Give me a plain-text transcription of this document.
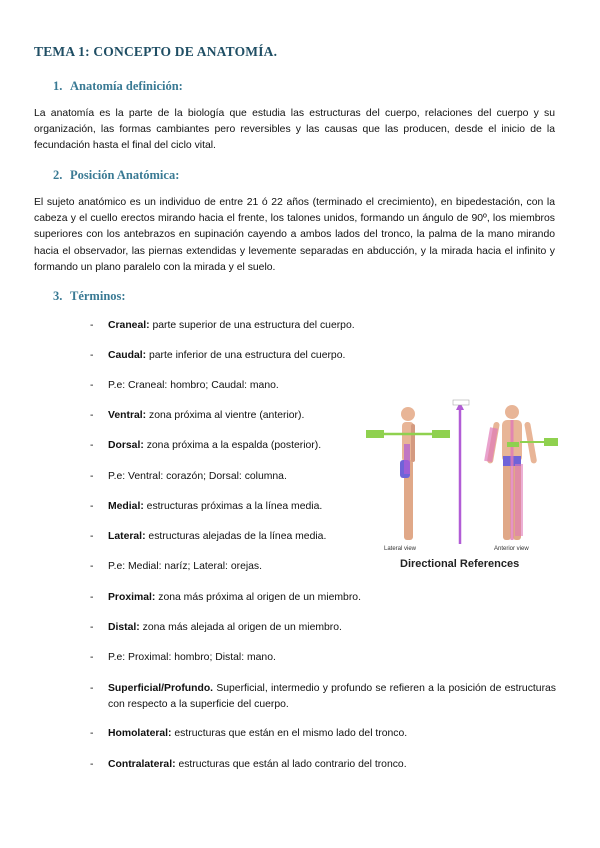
TEMA 1: CONCEPTO DE ANATOMÍA.
1. Anatomía definición:
La anatomía es la parte de la biología que estudia las estructuras del cuerpo, relaciones del cuerpo y su organización, las formas cambiantes pero reversibles y las causas que las producen, desde el inicio de la fecundación hasta el final del ciclo vital.
2. Posición Anatómica:
El sujeto anatómico es un individuo de entre 21 ó 22 años (terminado el crecimiento), en bipedestación, con la cabeza y el cuello erectos mirando hacia el frente, los talones unidos, formando un ángulo de 90º, los miembros superiores con los antebrazos en supinación cayendo a ambos lados del tronco, la palma de la mano mirando hacia el observador, las piernas extendidas y levemente separadas en abducción, y la mirada hacia el infinito y formando un plano paralelo con la mirada y el suelo.
3. Términos:
- Craneal: parte superior de una estructura del cuerpo.
- Caudal: parte inferior de una estructura del cuerpo.
- P.e: Craneal: hombro; Caudal: mano.
- Ventral: zona próxima al vientre (anterior).
- Dorsal: zona próxima a la espalda (posterior).
- P.e: Ventral: corazón; Dorsal: columna.
- Medial: estructuras próximas a la línea media.
- Lateral: estructuras alejadas de la línea media.
- P.e: Medial: naríz; Lateral: orejas.
- Proximal: zona más próxima al origen de un miembro.
- Distal: zona más alejada al origen de un miembro.
- P.e: Proximal: hombro; Distal: mano.
- Superficial/Profundo. Superficial, intermedio y profundo se refieren a la posición de estructuras con respecto a la superficie del cuerpo.
- Homolateral: estructuras que están en el mismo lado del tronco.
- Contralateral: estructuras que están al lado contrario del tronco.
Lateral view	Anterior view
Directional References
